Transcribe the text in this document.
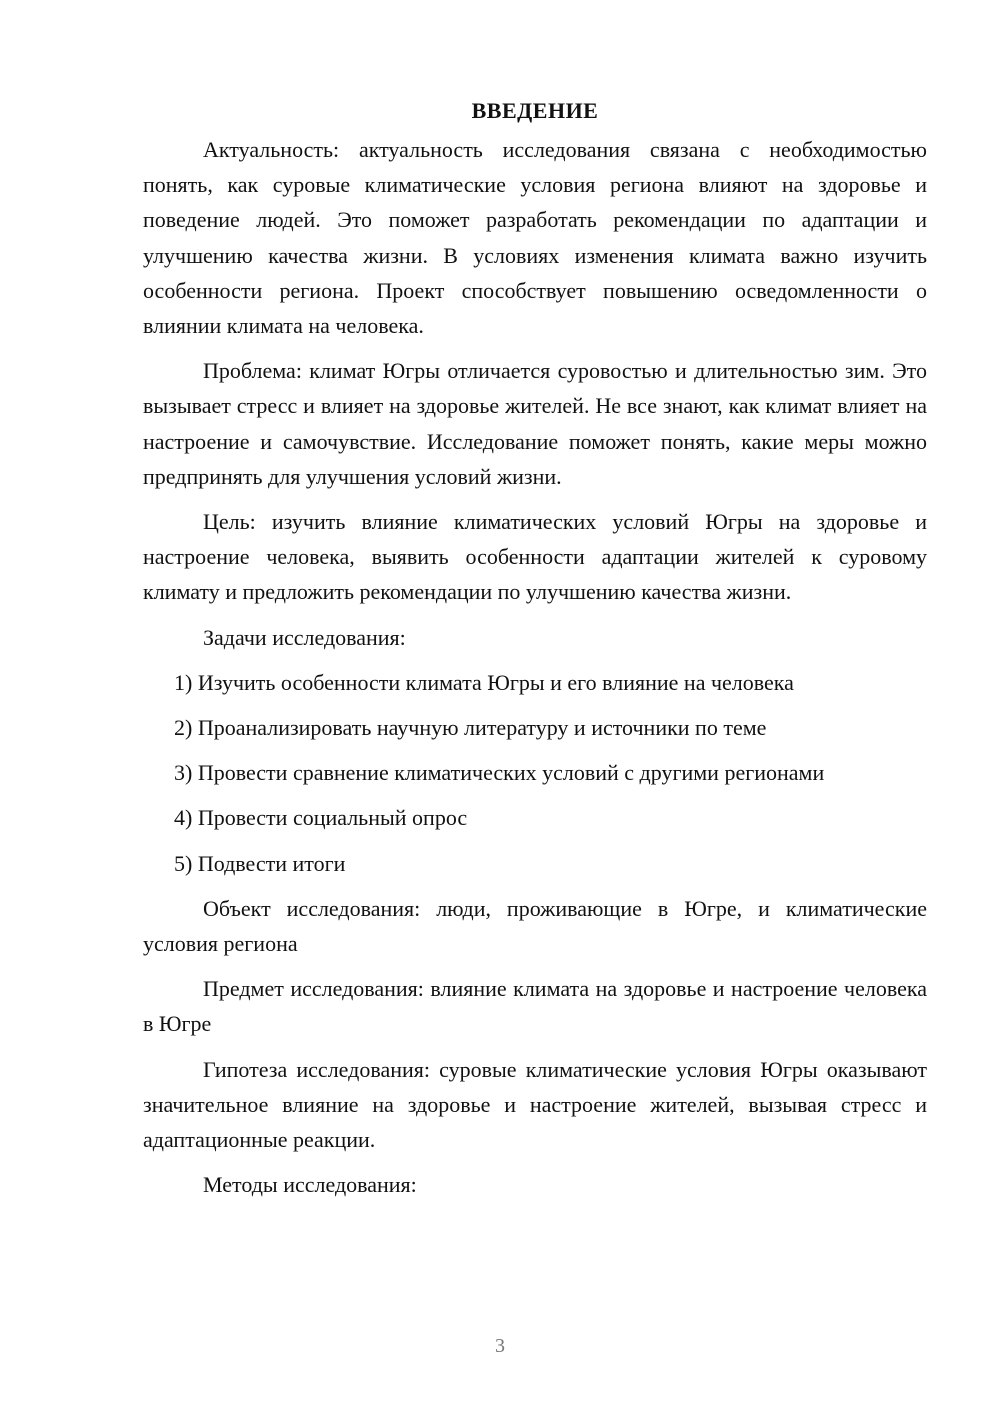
ВВЕДЕНИЕ

Актуальность: актуальность исследования связана с необходимостью понять, как суровые климатические условия региона влияют на здоровье и поведение людей. Это поможет разработать рекомендации по адаптации и улучшению качества жизни. В условиях изменения климата важно изучить особенности региона. Проект способствует повышению осведомленности о влиянии климата на человека.

Проблема: климат Югры отличается суровостью и длительностью зим. Это вызывает стресс и влияет на здоровье жителей. Не все знают, как климат влияет на настроение и самочувствие. Исследование поможет понять, какие меры можно предпринять для улучшения условий жизни.

Цель: изучить влияние климатических условий Югры на здоровье и настроение человека, выявить особенности адаптации жителей к суровому климату и предложить рекомендации по улучшению качества жизни.

Задачи исследования:

1) Изучить особенности климата Югры и его влияние на человека
2) Проанализировать научную литературу и источники по теме
3) Провести сравнение климатических условий с другими регионами
4) Провести социальный опрос
5) Подвести итоги

Объект исследования: люди, проживающие в Югре, и климатические условия региона

Предмет исследования: влияние климата на здоровье и настроение человека в Югре

Гипотеза исследования: суровые климатические условия Югры оказывают значительное влияние на здоровье и настроение жителей, вызывая стресс и адаптационные реакции.

Методы исследования:

3
